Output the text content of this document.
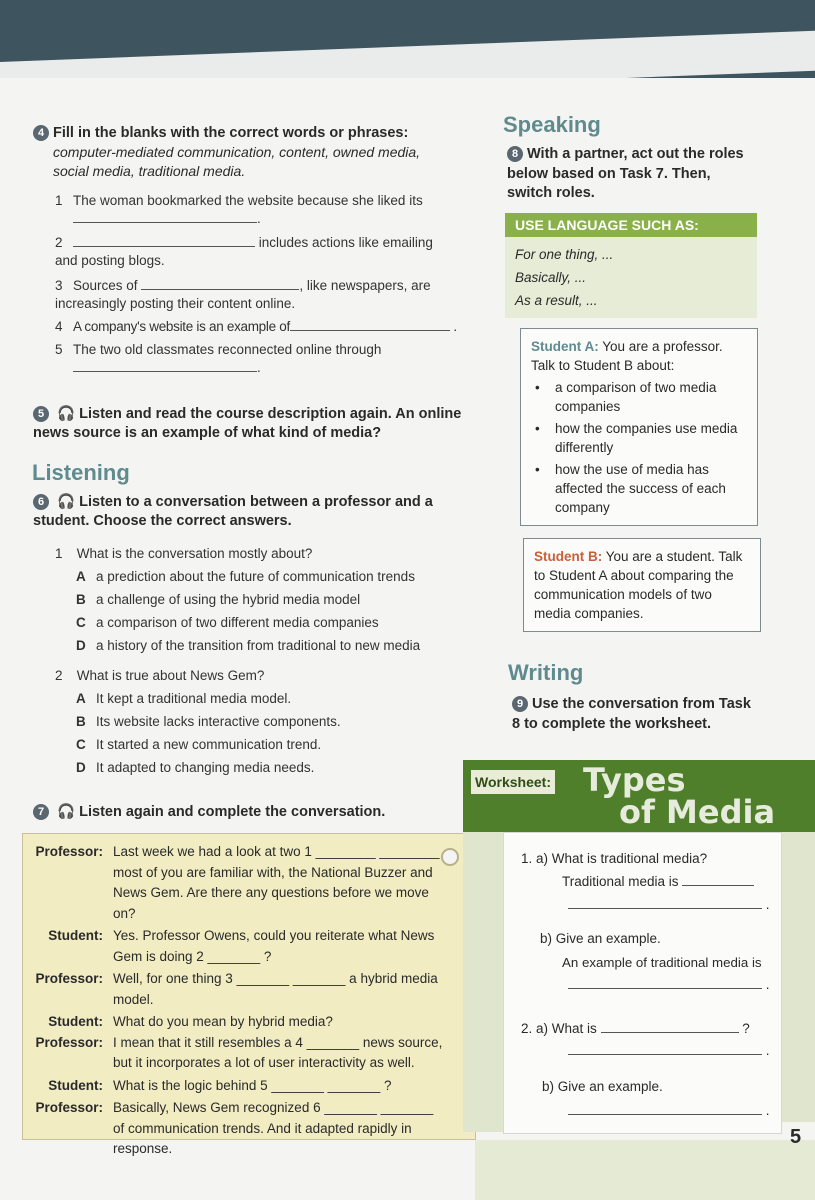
4 Fill in the blanks with the correct words or phrases:
computer-mediated communication, content, owned media, social media, traditional media.
1 The woman bookmarked the website because she liked its
.
2	includes actions like emailing and posting blogs.
3 Sources of	, like newspapers, are increasingly posting their content online.
4 A company's website is an example of	.
5 The two old classmates reconnected online through
.
5 🎧 Listen and read the course description again. An online news source is an example of what kind of media?
Listening
6 🎧 Listen to a conversation between a professor and a student. Choose the correct answers.
1 What is the conversation mostly about?
A a prediction about the future of communication trends
B a challenge of using the hybrid media model
C a comparison of two different media companies
D a history of the transition from traditional to new media
2 What is true about News Gem?
A It kept a traditional media model.
B Its website lacks interactive components.
C It started a new communication trend.
D It adapted to changing media needs.
7 🎧 Listen again and complete the conversation.
Professor: Last week we had a look at two 1 ________ ________ most of you are familiar with, the National Buzzer and News Gem. Are there any questions before we move on?
Student: Yes. Professor Owens, could you reiterate what News Gem is doing 2 _______ ?
Professor: Well, for one thing 3 _______ _______ a hybrid media model.
Student: What do you mean by hybrid media?
Professor: I mean that it still resembles a 4 _______ news source, but it incorporates a lot of user interactivity as well.
Student: What is the logic behind 5 _______ _______ ?
Professor: Basically, News Gem recognized 6 _______ _______ of communication trends. And it adapted rapidly in response.
Speaking
8 With a partner, act out the roles below based on Task 7. Then, switch roles.
USE LANGUAGE SUCH AS:
For one thing, ...
Basically, ...
As a result, ...
Student A: You are a professor. Talk to Student B about:
• a comparison of two media companies
• how the companies use media differently
• how the use of media has affected the success of each company
Student B: You are a student. Talk to Student A about comparing the communication models of two media companies.
Writing
9 Use the conversation from Task 8 to complete the worksheet.
Worksheet: Types
of Media
1. a) What is traditional media?
Traditional media is
.
b) Give an example.
An example of traditional media is
.
2. a) What is	?
.
b) Give an example.
.
5
